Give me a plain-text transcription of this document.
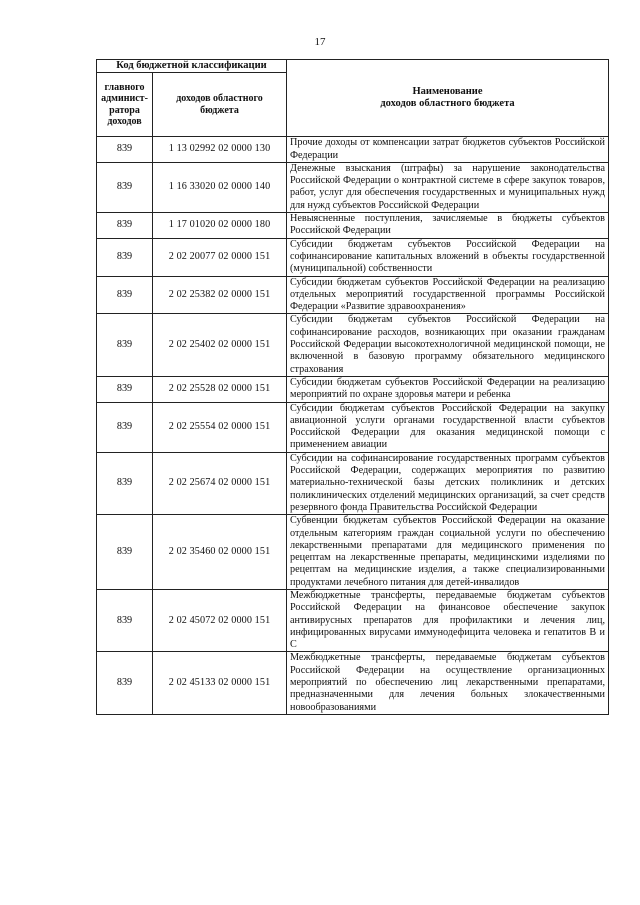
17
Код бюджетной классификации		Наименование
доходов областного бюджета
главного админист-ратора доходов	доходов областного бюджета	
839	1 13 02992 02 0000 130	Прочие доходы от компенсации затрат бюджетов субъектов Российской Федерации
839	1 16 33020 02 0000 140	Денежные взыскания (штрафы) за нарушение законодательства Российской Федерации о контрактной системе в сфере закупок товаров, работ, услуг для обеспечения государственных и муниципальных нужд для нужд субъектов Российской Федерации
839	1 17 01020 02 0000 180	Невыясненные поступления, зачисляемые в бюджеты субъектов Российской Федерации
839	2 02 20077 02 0000 151	Субсидии бюджетам субъектов Российской Федерации на софинансирование капитальных вложений в объекты государственной (муниципальной) собственности
839	2 02 25382 02 0000 151	Субсидии бюджетам субъектов Российской Федерации на реализацию отдельных мероприятий государственной программы Российской Федерации «Развитие здравоохранения»
839	2 02 25402 02 0000 151	Субсидии бюджетам субъектов Российской Федерации на софинансирование расходов, возникающих при оказании гражданам Российской Федерации высокотехнологичной медицинской помощи, не включенной в базовую программу обязательного медицинского страхования
839	2 02 25528 02 0000 151	Субсидии бюджетам субъектов Российской Федерации на реализацию мероприятий по охране здоровья матери и ребенка
839	2 02 25554 02 0000 151	Субсидии бюджетам субъектов Российской Федерации на закупку авиационной услуги органами государственной власти субъектов Российской Федерации для оказания медицинской помощи с применением авиации
839	2 02 25674 02 0000 151	Субсидии на софинансирование государственных программ субъектов Российской Федерации, содержащих мероприятия по развитию материально-технической базы детских поликлиник и детских поликлинических отделений медицинских организаций, за счет средств резервного фонда Правительства Российской Федерации
839	2 02 35460 02 0000 151	Субвенции бюджетам субъектов Российской Федерации на оказание отдельным категориям граждан социальной услуги по обеспечению лекарственными препаратами для медицинского применения по рецептам на лекарственные препараты, медицинскими изделиями по рецептам на медицинские изделия, а также специализированными продуктами лечебного питания для детей-инвалидов
839	2 02 45072 02 0000 151	Межбюджетные трансферты, передаваемые бюджетам субъектов Российской Федерации на финансовое обеспечение закупок антивирусных препаратов для профилактики и лечения лиц, инфицированных вирусами иммунодефицита человека и гепатитов В и С
839	2 02 45133 02 0000 151	Межбюджетные трансферты, передаваемые бюджетам субъектов Российской Федерации на осуществление организационных мероприятий по обеспечению лиц лекарственными препаратами, предназначенными для лечения больных злокачественными новообразованиями
